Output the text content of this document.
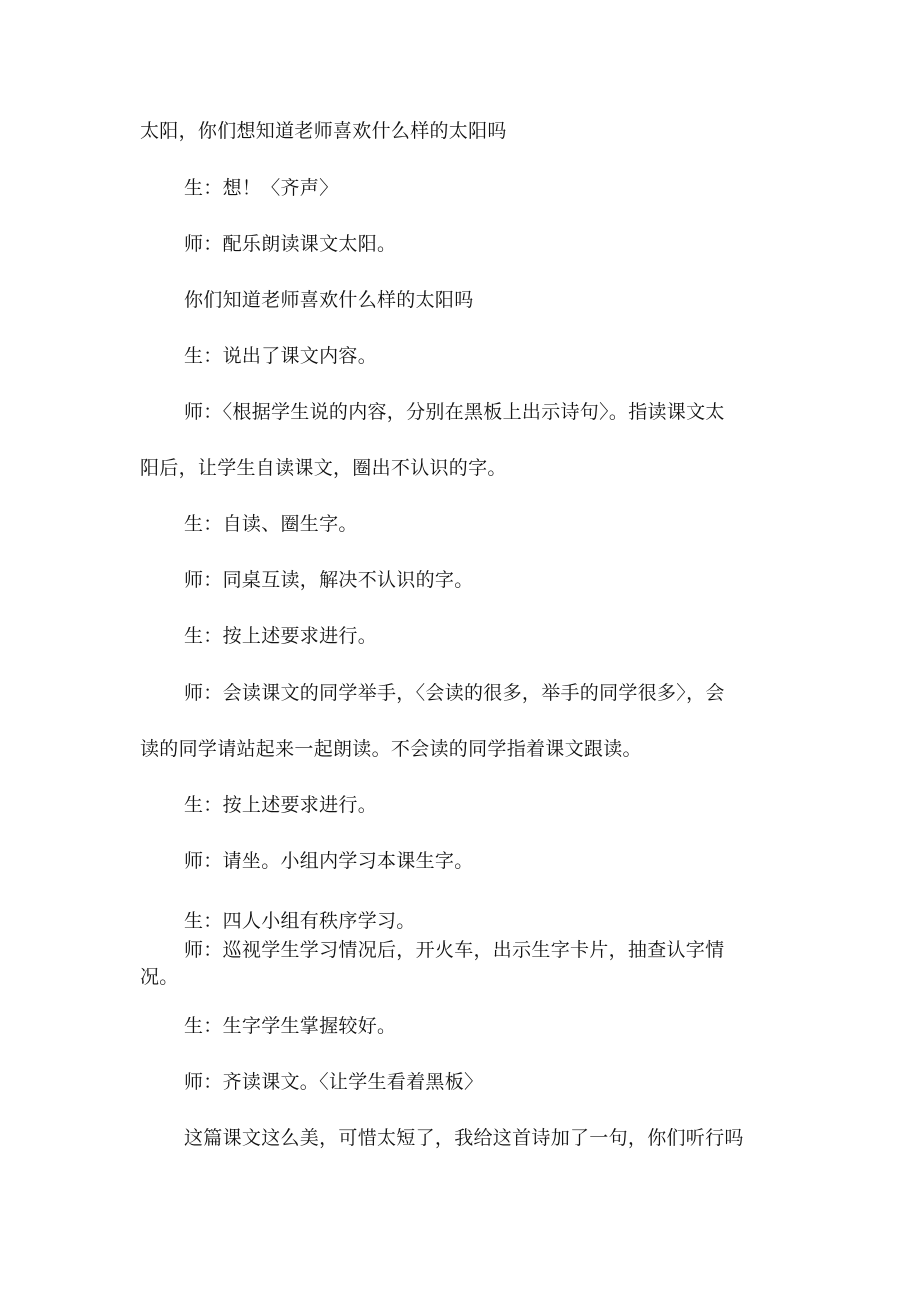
太阳，你们想知道老师喜欢什么样的太阳吗
生：想！〈齐声〉
师：配乐朗读课文太阳。
你们知道老师喜欢什么样的太阳吗
生：说出了课文内容。
师：〈根据学生说的内容，分别在黑板上出示诗句〉。指读课文太
阳后，让学生自读课文，圈出不认识的字。
生：自读、圈生字。
师：同桌互读，解决不认识的字。
生：按上述要求进行。
师：会读课文的同学举手，〈会读的很多，举手的同学很多〉，会
读的同学请站起来一起朗读。不会读的同学指着课文跟读。
生：按上述要求进行。
师：请坐。小组内学习本课生字。
生：四人小组有秩序学习。
师：巡视学生学习情况后，开火车，出示生字卡片，抽查认字情
况。
生：生字学生掌握较好。
师：齐读课文。〈让学生看着黑板〉
这篇课文这么美，可惜太短了，我给这首诗加了一句，你们听行吗
